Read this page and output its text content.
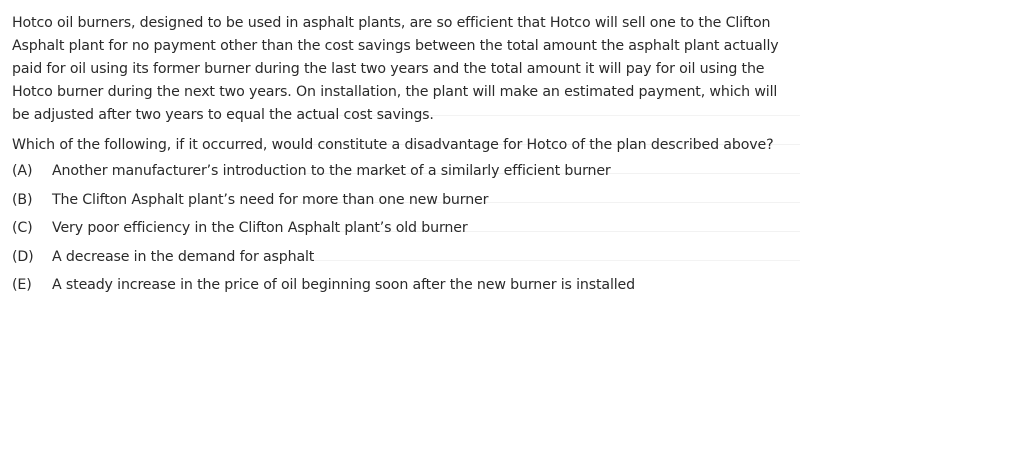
Hotco oil burners, designed to be used in asphalt plants, are so efficient that Hotco will sell one to the Clifton Asphalt plant for no payment other than the cost savings between the total amount the asphalt plant actually paid for oil using its former burner during the last two years and the total amount it will pay for oil using the Hotco burner during the next two years. On installation, the plant will make an estimated payment, which will be adjusted after two years to equal the actual cost savings.

Which of the following, if it occurred, would constitute a disadvantage for Hotco of the plan described above?

(A)	Another manufacturer’s introduction to the market of a similarly efficient burner
(B)	The Clifton Asphalt plant’s need for more than one new burner
(C)	Very poor efficiency in the Clifton Asphalt plant’s old burner
(D)	A decrease in the demand for asphalt
(E)	A steady increase in the price of oil beginning soon after the new burner is installed
